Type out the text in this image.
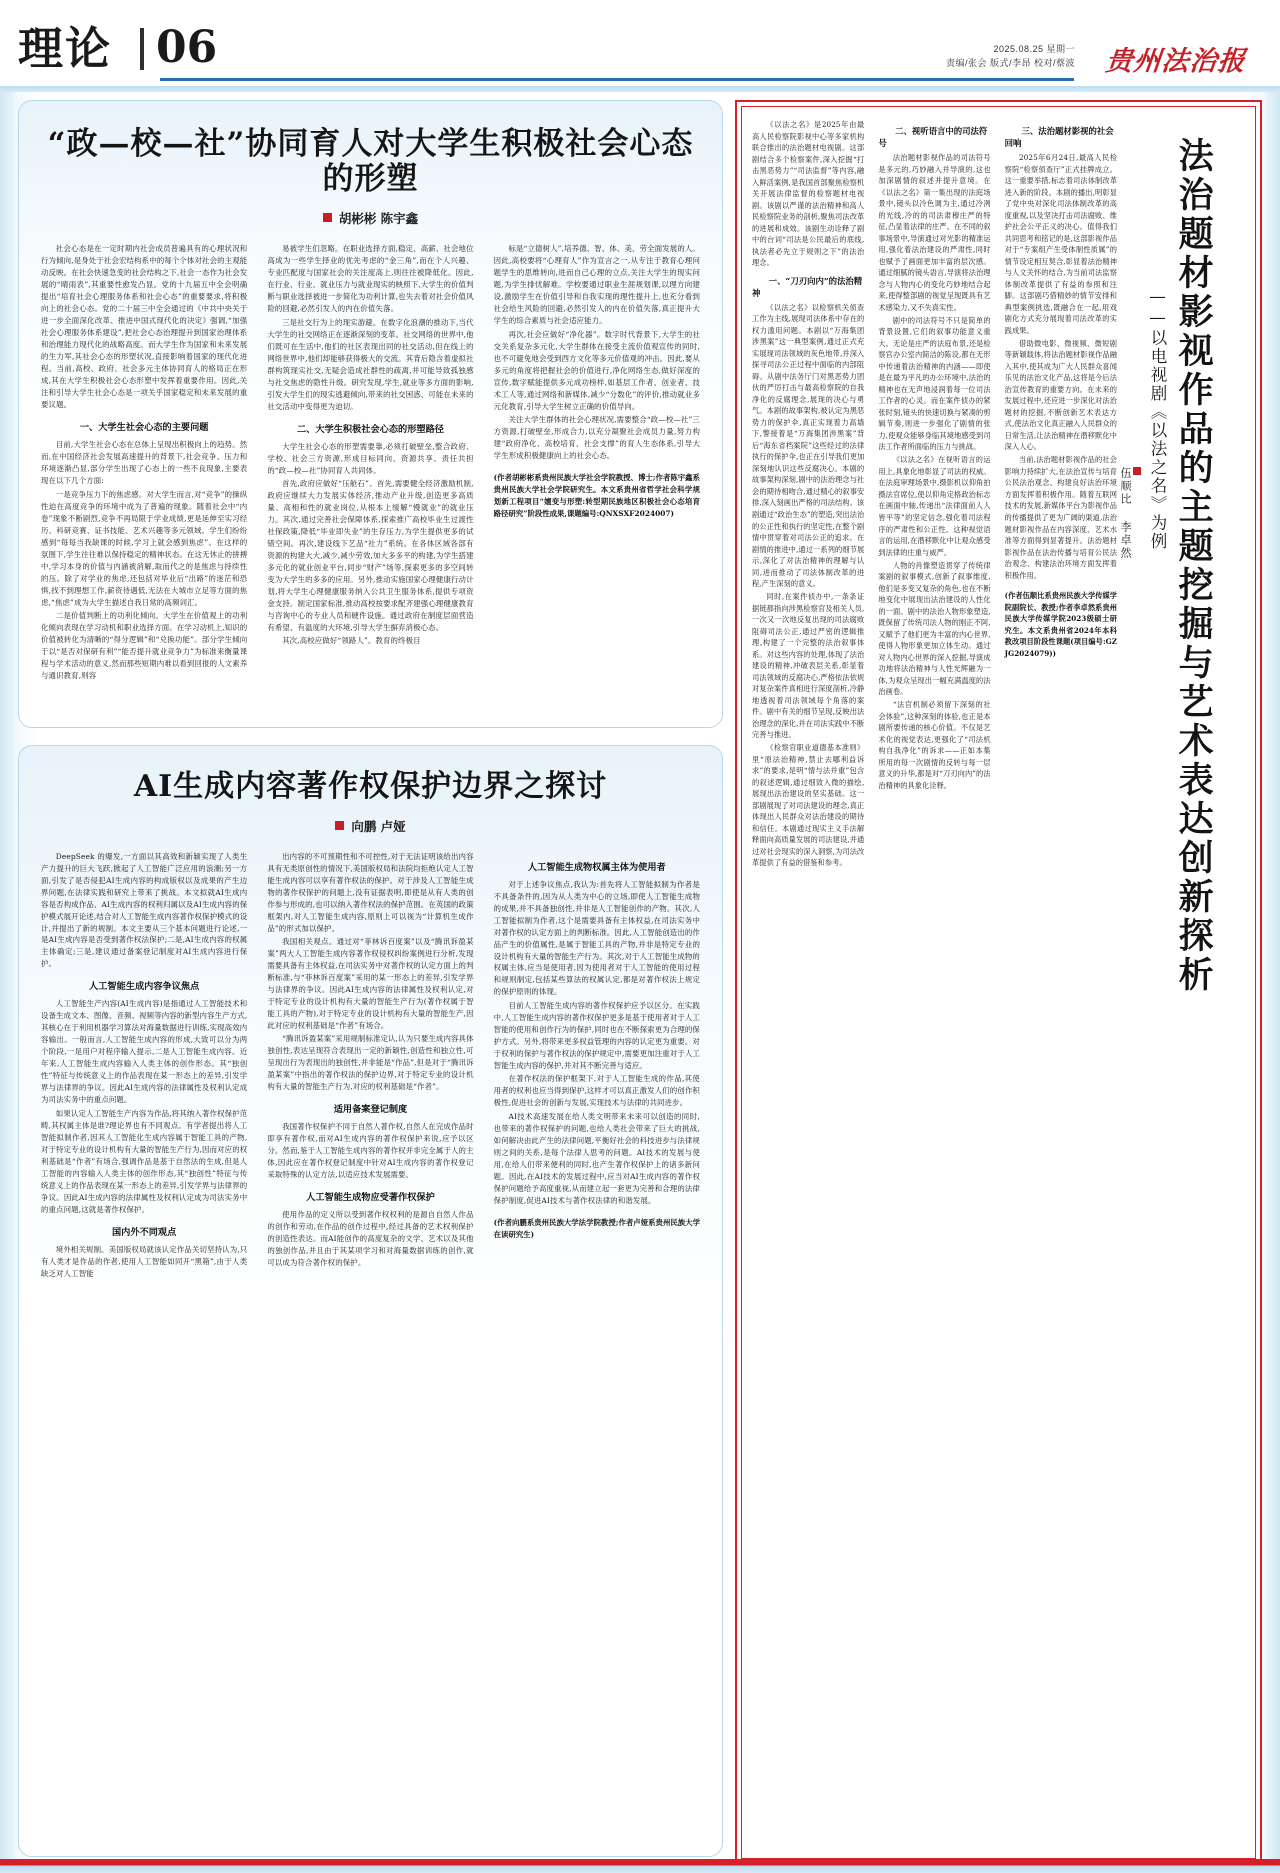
理论 06	2025.08.25 星期一
责编/张会 版式/李昂 校对/蔡波 贵州法治报
“政—校—社”协同育人对大学生积极社会心态的形塑
胡彬彬 陈宇鑫

社会心态是在一定时期内社会成员普遍具有的心理状况和行为倾向,是身处于社会宏结构系中的每个个体对社会的主观能动反映。在社会快速急变的社会结构之下,社会一态作为社会发展的“晴雨表”,其重要性愈发凸显。党的十九届五中全会明确提出“培育社会心理服务体系和社会心态”的重要要求,将积极向上的社会心态。党的二十届三中全会通过的《中共中央关于进一步全面深化改革、推进中国式现代化的决定》强调,“加强社会心理服务体系建设”,把社会心态治理提升到国家治理体系和治理能力现代化的战略高度。而大学生作为国家和未来发展的生力军,其社会心态的形塑状况,直接影响着国家的现代化进程。当前,高校、政府、社会多元主体协同育人的格局正在形成,其在大学生积极社会心态形塑中发挥着重要作用。因此,关注和引导大学生社会心态是一项关乎国家稳定和未来发展的重要议题。

一、大学生社会心态的主要问题

目前,大学生社会心态在总体上呈现出积极向上的趋势。然而,在中国经济社会发展高速提升的背景下,社会竞争、压力和环境逐渐凸显,部分学生出现了心态上的一些不良现象,主要表现在以下几个方面:

一是竞争压力下的焦虑感。对大学生而言,对“竞争”的操纵性迫在高度竞争的环境中成为了普遍的现象。随着社会中“内卷”现象不断剧烈,竞争不再局限于学业成绩,更是延伸至实习经历、科研竞赛、证书技能、艺术兴趣等多元领域。学生们纷纷感到“每每当我缺课的时候,学习上就会感到焦虑”。在这样的氛围下,学生往往难以保持稳定的精神状态。在这无休止的拼搏中,学习本身的价值与内涵被消解,取而代之的是焦虑与持续性的压。除了对学业的焦虑,还包括对毕业后“出路”的迷茫和恐惧,找不到理想工作,薪资待遇低,无法在大城市立足等方面的焦虑,“焦虑”成为大学生描述自我日常的高频词汇。

二是价值判断上的功利化倾向。大学生在价值观上的功利化倾向表现在学习动机和职业选择方面。在学习动机上,知识的价值被转化为清晰的“得分逻辑”和“兑换功能”。部分学生倾向于以“是否对保研有利”“能否提升就业竞争力”为标准来衡量课程与学术活动的意义,然而那些短期内难以看到回报的人文素养与通识教育,则容

易被学生们忽略。在职业选择方面,稳定、高薪、社会地位高成为一些学生择业的优先考虑的“金三角”,而在个人兴趣、专业匹配度与国家社会的关注度高上,则往往被降低化。因此,在行业、行业、就业压力与就业现实的映照下,大学生的价值判断与职业选择被进一步简化为功利计算,也失去着对社会价值风险的回避,必然引发人的内在价值失落。

三是社交行为上的现实游避。在数字化浪潮的推动下,当代大学生的社交网络正在逐渐深刻的变革。社交网络的世界中,他们既可在生活中,他们的社区表现出同的社交活动,但在线上的网络世界中,他们却能够获得极大的交流。其背后隐含着虚拟社群构筑现实社交,无疑会造成社群性的疏离,并可能导致孤独感与社交焦虑的隐性升级。研究发现,学生,就业等多方面的影响,引发大学生们的现实逃避倾向,带来的社交困惑、可能在未来的社交活动中变得更为迫切。

二、大学生积极社会心态的形塑路径

大学生社会心态的形塑需要靠,必须打破壁垒,整合政府、学校、社会三方资源,形成目标同向、资源共享、责任共担的“政—校—社”协同育人共同体。

首先,政府应做好“压舱石”。首先,需要健全经济激励机制,政府应继续大力发展实体经济,推动产业升级,创造更多高质量、高相和性的就业岗位,从根本上缓解“慢就业”的就业压力。其次,通过完善社会保障体系,探索推广高校毕业生过渡性社保政策,降低“毕业即失业”的生存压力,为学生提供更多的试错空间。再次,建设线下艺品“社力”系统。在各体区域各部有资源的构建大大,减少,减少劳效,加大多多平的构建,为学生搭建多元化的就业创业平台,同步“财产”场等,探索更多的多空间转变为大学生的多多的应用。另外,推动实施国家心理健康行动计划,将大学生心理健康服务纳入公共卫生服务体系,提供专项资金支持。制定国家标准,推动高校按要求配齐建强心理健康教育与咨询中心的专业人员和硬件设施。通过政府在制度层面营造有希望、有温度的大环境,引导大学生摒弃消极心态。

其次,高校应做好“领路人”。教育的终极目

标是“立德树人”,培养德、智、体、美、劳全面发展的人。因此,高校要将“心理育人”作为宣言之一,从专注于教育心理问题学生的思维转向,进而自己心理的立点,关注大学生的现实问题,为学生排忧解难。学校要通过职业生涯规划课,以理方向建设,激励学生在价值引导和自我实现的理性提升上,也充分看到社会给生风险的回避,必然引发人的内在价值失落,真正提升大学生的综合素质与社会适应能力。

再次,社会应做好“净化器”。数字时代背景下,大学生的社交关系复杂多元化,大学生群体在接受主流价值观宣传的同时,也不可避免地会受到西方文化等多元价值观的冲击。因此,要从多元的角度将把握社会的价值进行,净化网络生态,做好深度的宣传,数字赋能提供多元成功榜样,如基层工作者、创业者、技术工人等,通过网络和新媒体,减少“分数化”的评价,推动就业多元化教育,引导大学生树立正确的价值导向。

关注大学生群体的社会心理状况,需要整合“政—校—社”三方资源,打破壁垒,形成合力,以充分凝聚社会成员力量,努力构建“政府净化、高校培育、社会支撑”的育人生态体系,引导大学生形成积极健康向上的社会心态。

(作者胡彬彬系贵州民族大学社会学院教授、博士;作者陈宇鑫系贵州民族大学社会学院研究生。本文系贵州省哲学社会科学规划新工程项目“嬗变与形塑:转型期民族地区积极社会心态培育路径研究”阶段性成果,课题编号:QNXSXF2024007)
AI生成内容著作权保护边界之探讨
向鹏 卢娅

DeepSeek 的爆发,一方面以其高效和新颖实现了人类生产力提升的巨大飞跃,掀起了人工智能广泛应用的浪潮;另一方面,引发了是否侵犯AI生成内容的构成版权以及成果的产生边界问题,在法律实践和研究上带来了挑战。本文拟就AI生成内容是否构成作品、AI生成内容的权利归属以及AI生成内容的保护模式展开论述,结合对人工智能生成内容著作权保护模式的设计,并提出了新的规制。本文主要从三个基本问题进行论述,一是AI生成内容是否受到著作权法保护;二是,AI生成内容的权属主体确定;三是,建议通过备案登记制度对AI生成内容进行保护。

人工智能生成内容争议焦点

人工智能生产内容(AI生成内容)是指通过人工智能技术和设备生成文本、图像、音频、视频等内容的新型内容生产方式,其核心在于利用机器学习算法对海量数据进行训练,实现高效内容输出。一般而言,人工智能生成内容的形成,大致可以分为两个阶段,一是用户对程序输入提示,二是人工智能生成内容。近年来,人工智能生成内容输入人类主体的创作形态。其“独创性”特征与传统意义上的作品表现在某一形态上的差异,引发学界与法律界的争议。因此AI生成内容的法律属性及权利认定成为司法实务中的重点问题。

如果认定人工智能生产内容为作品,将其纳入著作权保护范畴,其权属主体是谁?理论界也有不同观点。有学者提出将人工智能拟制作者,因其人工智能化生成内容属于智能工具的产物,对于特定专业的设计机构有大量的智能生产行为,因而对应的权利基础是“作者”有场合,强调作品是基于自然法的生成,但是人工智能的内容输入人类主体的创作形态,其“独创性”特征与传统意义上的作品表现在某一形态上的差异,引发学界与法律界的争议。因此AI生成内容的法律属性及权利认定成为司法实务中的重点问题,这就是著作权保护。

国内外不同观点

境外相关规制。美国版权局就该认定作品关切坚持认为,只有人类才是作品的作者,使用人工智能如同开“黑箱”,由于人类缺乏对人工智能

出内容的不可预期性和不可控性,对于无法证明该给出内容具有无类原创性的情况下,美国版权局和法院均拒绝认定人工智能生成内容可以享有著作权法的保护。对于涉及人工智能生成物的著作权保护的问题上,没有证据表明,即使是从有人类的创作参与形成的,也可以纳入著作权法的保护范围。在英国的政策框架内,对人工智能生成内容,原则上可以视为“计算机生成作品”的形式加以保护。

我国相关观点。通过对“菲林诉百度案”以及“腾讯诉盈某案”两大人工智能生成内容著作权侵权纠纷案例进行分析,发现需要具备有主体权益,在司法实务中对著作权的认定方面上的判断标准,与“菲林诉百度案”采用的某一形态上的差异,引发学界与法律界的争议。因此AI生成内容的法律属性及权利认定,对于特定专业的设计机构有大量的智能生产行为(著作权属于智能工具的产物),对于特定专业的设计机构有大量的智能生产,因此对应的权利基础是“作者”有场合。

“腾讯诉盈某案”采用规制标准定认,认为只要生成内容具体独创性,表达呈现符合表现出一定的新颖性,创造性和独立性,可呈现出行为表现出的独创性,并非能是“作品”,但是对于“腾讯诉盈某案”中指出的著作权法的保护边界,对于特定专业的设计机构有大量的智能生产行为,对应的权利基础是“作者”。

适用备案登记制度

我国著作权保护不同于自然人著作权,自然人在完成作品时即享有著作权,而对AI生成内容的著作权保护来说,应予以区分。然而,鉴于人工智能生成内容的著作权并非完全属于人的主体,因此应在著作权登记制度中针对AI生成内容的著作权登记采取特殊的认定方法,以适应技术发展需要。

人工智能生成物应受著作权保护

使用作品的定义所以受到著作权权利的是源自自然人作品的创作和劳动,在作品的创作过程中,经过具备的艺术权利保护的创造性表达。而AI能创作的高度复杂的文学、艺术以及其他的独创作品,并且由于其某项学习和对海量数据训练的创作,就可以成为符合著作权的保护。

人工智能生成物权属主体为使用者

对于上述争议焦点,我认为:首先将人工智能拟制为作者是不具备条件的,因为从人类为中心的立场,即使人工智能生成物的成果,并不具备独创性,并非是人工智能创作的产物。其次,人工智能拟制为作者,这个是需要具备有主体权益,在司法实务中对著作权的认定方面上的判断标准。因此,人工智能创造出的作品产生的价值属性,是属于智能工具的产物,并非是特定专业的设计机构有大量的智能生产行为。其次,对于人工智能生成物的权属主体,应当是使用者,因为使用者对于人工智能的使用过程和规则制定,包括某些算法的权属认定,都是对著作权法上规定的保护原则的体现。

目前人工智能生成内容的著作权保护应予以区分。在实践中,人工智能生成内容的著作权保护更多是基于使用者对于人工智能的使用和创作行为的保护,同时也在不断探索更为合理的保护方式。另外,将带来更多权益管理的内容的认定更为重要。对于权利的保护与著作权法的保护规定中,需要更加注重对于人工智能生成内容的保护,并对其不断完善与适应。

在著作权法的保护框架下,对于人工智能生成的作品,其使用者的权利也应当得到保护,这样才可以真正激发人们的创作积极性,促进社会的创新与发展,实现技术与法律的共同进步。

AI技术高速发展在给人类文明带来未来可以创造的同时,也带来的著作权保护的问题,也给人类社会带来了巨大的挑战,如何解决由此产生的法律问题,平衡好社会的科技进步与法律规则之间的关系,是每个法律人思考的问题。AI技术的发展与使用,在给人们带来便利的同时,也产生著作权保护上的诸多新问题。因此,在AI技术的发展过程中,应当对AI生成内容的著作权保护问题给予高度重视,从而建立起一套更为完善和合理的法律保护制度,促进AI技术与著作权法律的和谐发展。

(作者向鹏系贵州民族大学法学院教授;作者卢娅系贵州民族大学在读研究生)
伍顺比 李卓然 ——以电视剧《以法之名》为例 法治题材影视作品的主题挖掘与艺术表达创新探析

《以法之名》是2025年由最高人民检察院影视中心等多家机构联合推出的法治题材电视剧。这部剧结合多个检察案件,深入挖掘“打击黑恶势力”“司法监督”等内容,融入鲜活案例,是我国首部聚焦检察机关开展法律监督的检察题材电视剧。该剧以严谨的法治精神和高人民检察院业务的剖析,聚焦司法改革的进展和成效。该剧生动诠释了剧中的台词“司法是公民最后的底线,执法者必先立于规则之下”的法治理念。

一、“刀刃向内”的法治精神

《以法之名》以检察机关侦查工作为主线,展现司法体系中存在的权力滥用问题。本剧以“万海集团涉黑案”这一典型案例,通过正式充实展现司法领域的灰色地带,并深入探寻司法公正过程中面临的内部阻碍。从剧中法务厅门对黑恶势力团伙的严厉打击与最高检察院的自我净化的反腐理念,展现的决心与勇气。本剧的故事架构,被认定为黑恶势力的保护伞,真正实现着力高墙下,警接着是“万海集团涉黑案”背后“海东省档案院”这些经过的法律执行的保护伞,也正在引导我们更加深刻地认识这些反腐决心。本剧的故事架构深刻,剧中的法治理念与社会的期待相吻合,通过精心的叙事安排,深入刻画出严格的司法结构。该剧通过“政治生态”的塑造,突出法治的公正性和执行的坚定性,在整个剧情中贯穿着对司法公正的追求。在剧情的推进中,通过一系列的细节展示,深化了对法治精神的理解与认同,进而推动了司法体制改革的进程,产生深刻的意义。

同时,在案件侦办中,一条条证据链都指向涉黑检察官及相关人员,一次又一次地反复出现的司法腐败阻碍司法公正,通过严密的逻辑推理,构建了一个完整的法治叙事体系。对这些内容的处理,体现了法治建设的精神,冲破表层关系,彰显着司法领域的反腐决心,严格依法依规对复杂案件真相进行深度剖析,冷静地透视着司法领域每个角落的案件。剧中有关的细节呈现,反映出法治理念的深化,并在司法实践中不断完善与推进。

《检察官职业道德基本准则》里“原法治精神,禁止去哪利益诉求”的要求,是明“情与法并重”包含的叙述逻辑,通过细致入微的描绘,展现出法治建设的坚实基础。这一部剧展现了对司法建设的理念,真正体现出人民群众对法治建设的期待和信任。本剧通过现实主义手法解释面向高质量发展的司法建设,并通过对社会现实的深入洞察,为司法改革提供了有益的借鉴和参考。

二、视听语言中的司法符号

法治题材影视作品的司法符号是多元的,巧妙融入并导演的,这也加深剧情的叙述并提升意境。在《以法之名》第一集出现的法庭场景中,镜头以冷色调为主,通过冷冽的光线,冷的的司法肃穆庄严的特征,凸显着法律的庄严。在不同的叙事场景中,导演通过对光影的精准运用,强化着法治建设的严肃性,同时也赋予了画面更加丰富的层次感。通过细腻的镜头语言,导演将法治理念与人物内心的变化巧妙地结合起来,使得整部剧的视觉呈现既具有艺术感染力,又不失真实性。

剧中的司法符号不只是简单的背景设置,它们的叙事功能意义重大。无论是庄严的法庭布景,还是检察官办公室内简洁的陈设,都在无形中传递着法治精神的内涵——即使是在最为平凡的办公环境中,法治的精神也在无声地浸润着每一位司法工作者的心灵。而在案件侦办的紧张时刻,镜头的快速切换与紧凑的剪辑节奏,则进一步强化了剧情的张力,使观众能够身临其境地感受到司法工作者所面临的压力与挑战。

《以法之名》在视听语言的运用上,具象化地彰显了司法的权威。在法庭审理场景中,摄影机以仰角拍摄法官席位,使以仰角定格政治标志在画面中轴,传递出“法律面前人人皆平等”的坚定信念,强化着司法程序的严肃性和公正性。这种视觉语言的运用,在潜移默化中让观众感受到法律的庄重与威严。

人物的肖像塑造贯穿了传统律案剧的叙事模式,创新了叙事维度,他们是多变又复杂的角色,也在不断地变化中展现出法治建设的人性化的一面。剧中的法治人物形象塑造,既保留了传统司法人物的刚正不阿,又赋予了他们更为丰富的内心世界,使得人物形象更加立体生动。通过对人物内心世界的深入挖掘,导演成功地将法治精神与人性光辉融为一体,为观众呈现出一幅充满温度的法治画卷。

“法官机制必须留下深刻的社会体验”,这种深刻的体验,也正是本剧所要传递的核心价值。不仅是艺术化的视觉表达,更强化了“司法机构自我净化”的诉求——正如本集所用的每一次剧情的反转与每一层意义的升华,都是对“刀刃向内”的法治精神的具象化诠释。

三、法治题材影视的社会回响

2025年6月24日,最高人民检察院“检察侦查厅”正式挂牌成立。这一重要举措,标志着司法体制改革进入新的阶段。本剧的播出,明彰显了党中央对深化司法体制改革的高度重视,以及坚决打击司法腐败、维护社会公平正义的决心。值得我们共同思考和铭记的是,这部影视作品对于“专案组产生受体制性质属”的情节设定相互契合,彰显着法治精神与人文关怀的结合,为当前司法监察体制改革提供了有益的参照和注脚。这部剧巧借精妙的情节安排和典型案例挑选,既融合在一起,用戏剧化方式充分展现着司法改革的实践成果。

借助微电影、微视频、微短剧等新颖载体,将法治题材影视作品融入其中,使其成为广大人民群众喜闻乐见的法治文化产品,这将是今后法治宣传教育的重要方向。在未来的发展过程中,还应进一步深化对法治题材的挖掘,不断创新艺术表达方式,使法治文化真正融入人民群众的日常生活,让法治精神在潜移默化中深入人心。

当前,法治题材影视作品的社会影响力持续扩大,在法治宣传与培育公民法治观念、构建良好法治环境方面发挥着积极作用。随着互联网技术的发展,新媒体平台为影视作品的传播提供了更为广阔的渠道,法治题材影视作品在内容深度、艺术水准等方面得到显著提升。法治题材影视作品在法治传播与培育公民法治观念、构建法治环境方面发挥着积极作用。

(作者伍顺比系贵州民族大学传媒学院副院长、教授;作者李卓然系贵州民族大学传媒学院2023级硕士研究生。本文系贵州省2024年本科教改项目阶段性课题(项目编号:GZJG2024079))
